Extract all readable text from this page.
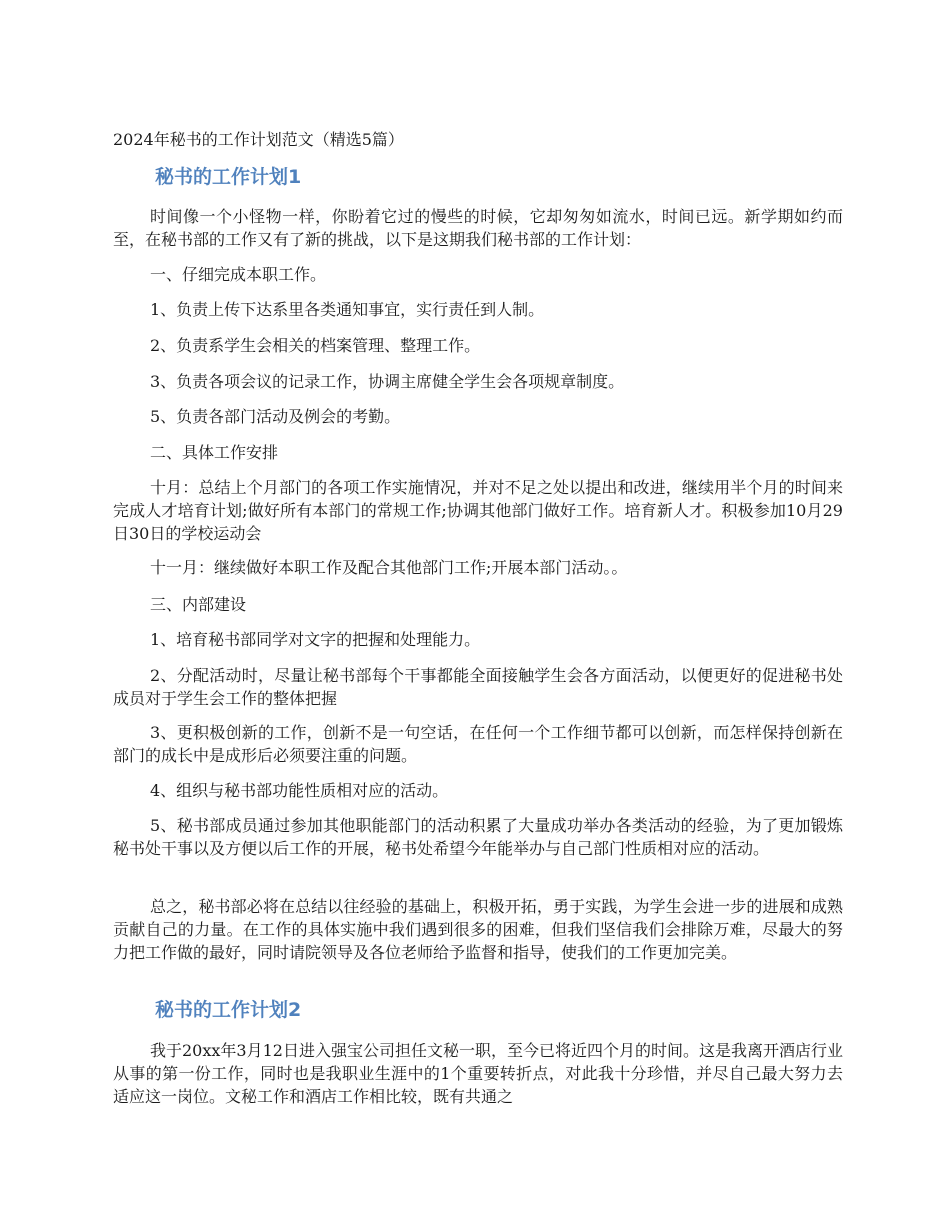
2024年秘书的工作计划范文（精选5篇）
秘书的工作计划1

时间像一个小怪物一样，你盼着它过的慢些的时候，它却匆匆如流水，时间已远。新学期如约而至，在秘书部的工作又有了新的挑战，以下是这期我们秘书部的工作计划：

一、仔细完成本职工作。

1、负责上传下达系里各类通知事宜，实行责任到人制。

2、负责系学生会相关的档案管理、整理工作。

3、负责各项会议的记录工作，协调主席健全学生会各项规章制度。

5、负责各部门活动及例会的考勤。

二、具体工作安排

十月：总结上个月部门的各项工作实施情况，并对不足之处以提出和改进，继续用半个月的时间来完成人才培育计划;做好所有本部门的常规工作;协调其他部门做好工作。培育新人才。积极参加10月29日30日的学校运动会

十一月：继续做好本职工作及配合其他部门工作;开展本部门活动。。

三、内部建设

1、培育秘书部同学对文字的把握和处理能力。

2、分配活动时，尽量让秘书部每个干事都能全面接触学生会各方面活动，以便更好的促进秘书处成员对于学生会工作的整体把握

3、更积极创新的工作，创新不是一句空话，在任何一个工作细节都可以创新，而怎样保持创新在部门的成长中是成形后必须要注重的问题。

4、组织与秘书部功能性质相对应的活动。

5、秘书部成员通过参加其他职能部门的活动积累了大量成功举办各类活动的经验，为了更加锻炼秘书处干事以及方便以后工作的开展，秘书处希望今年能举办与自己部门性质相对应的活动。

总之，秘书部必将在总结以往经验的基础上，积极开拓，勇于实践，为学生会进一步的进展和成熟贡献自己的力量。在工作的具体实施中我们遇到很多的困难，但我们坚信我们会排除万难，尽最大的努力把工作做的最好，同时请院领导及各位老师给予监督和指导，使我们的工作更加完美。

秘书的工作计划2

我于20xx年3月12日进入强宝公司担任文秘一职，至今已将近四个月的时间。这是我离开酒店行业从事的第一份工作，同时也是我职业生涯中的1个重要转折点，对此我十分珍惜，并尽自己最大努力去适应这一岗位。文秘工作和酒店工作相比较，既有共通之
